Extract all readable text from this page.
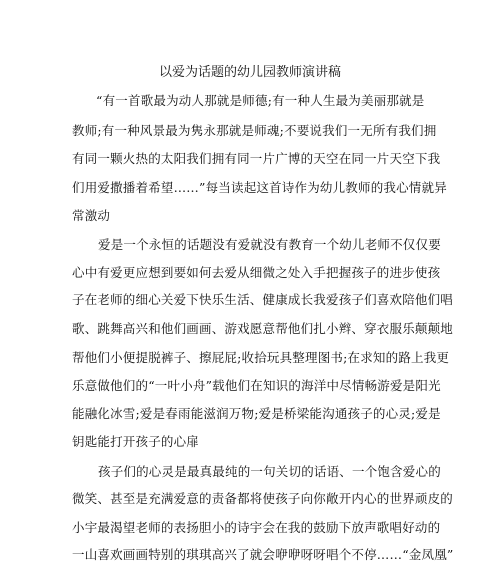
以爱为话题的幼儿园教师演讲稿
“有一首歌最为动人那就是师德;有一种人生最为美丽那就是
教师;有一种风景最为隽永那就是师魂;不要说我们一无所有我们拥
有同一颗火热的太阳我们拥有同一片广博的天空在同一片天空下我
们用爱撒播着希望……”每当读起这首诗作为幼儿教师的我心情就异
常激动
爱是一个永恒的话题没有爱就没有教育一个幼儿老师不仅仅要
心中有爱更应想到要如何去爱从细微之处入手把握孩子的进步使孩
子在老师的细心关爱下快乐生活、健康成长我爱孩子们喜欢陪他们唱
歌、跳舞高兴和他们画画、游戏愿意帮他们扎小辫、穿衣服乐颠颠地
帮他们小便提脱裤子、擦屁屁;收拾玩具整理图书;在求知的路上我更
乐意做他们的“一叶小舟”载他们在知识的海洋中尽情畅游爱是阳光
能融化冰雪;爱是春雨能滋润万物;爱是桥梁能沟通孩子的心灵;爱是
钥匙能打开孩子的心扉
孩子们的心灵是最真最纯的一句关切的话语、一个饱含爱心的
微笑、甚至是充满爱意的责备都将使孩子向你敞开内心的世界顽皮的
小宇最渴望老师的表扬胆小的诗宇会在我的鼓励下放声歌唱好动的
一山喜欢画画特别的琪琪高兴了就会咿咿呀呀唱个不停……“金凤凰”
